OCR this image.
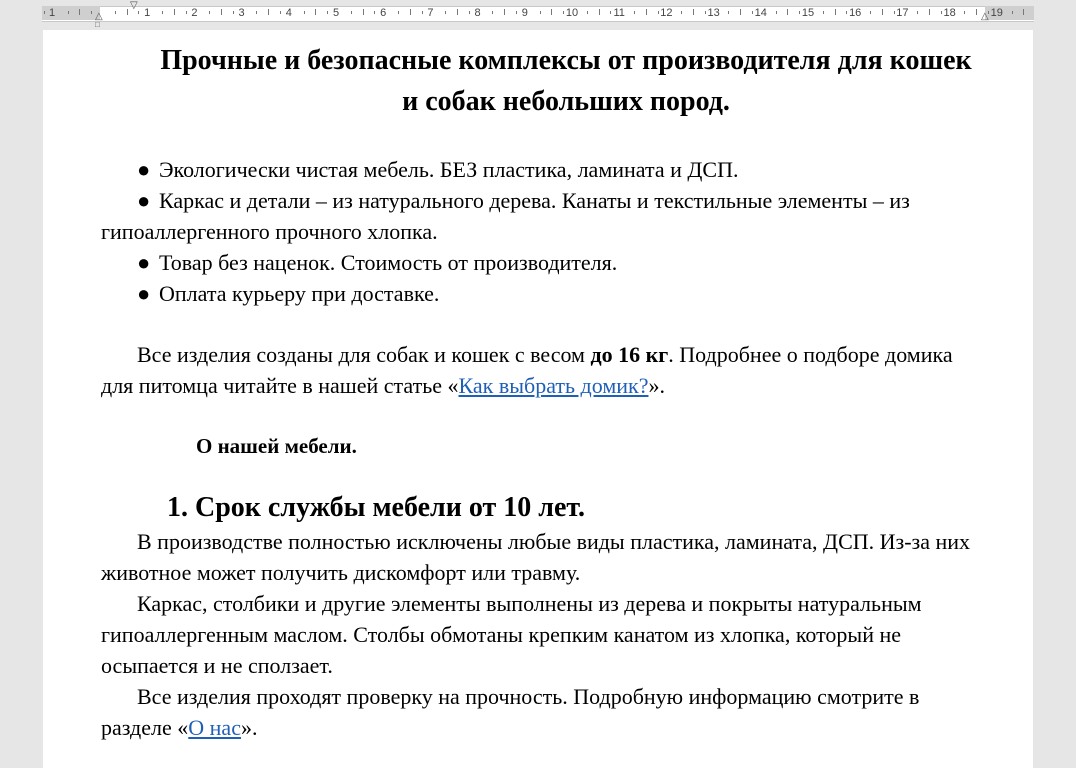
1	1	2	3	4	5	6	7	8	9	10	11	12	13	14	15	16	17	18	19
▽
△
□
△
Прочные и безопасные комплексы от производителя для кошек и собак небольших пород.
● Экологически чистая мебель. БЕЗ пластика, ламината и ДСП.
● Каркас и детали – из натурального дерева. Канаты и текстильные элементы – из гипоаллергенного прочного хлопка.
● Товар без наценок. Стоимость от производителя.
● Оплата курьеру при доставке.

Все изделия созданы для собак и кошек с весом до 16 кг. Подробнее о подборе домика для питомца читайте в нашей статье «Как выбрать домик?».

О нашей мебели.

1. Срок службы мебели от 10 лет.

В производстве полностью исключены любые виды пластика, ламината, ДСП. Из-за них животное может получить дискомфорт или травму.

Каркас, столбики и другие элементы выполнены из дерева и покрыты натуральным гипоаллергенным маслом. Столбы обмотаны крепким канатом из хлопка, который не осыпается и не сползает.

Все изделия проходят проверку на прочность. Подробную информацию смотрите в разделе «О нас».
